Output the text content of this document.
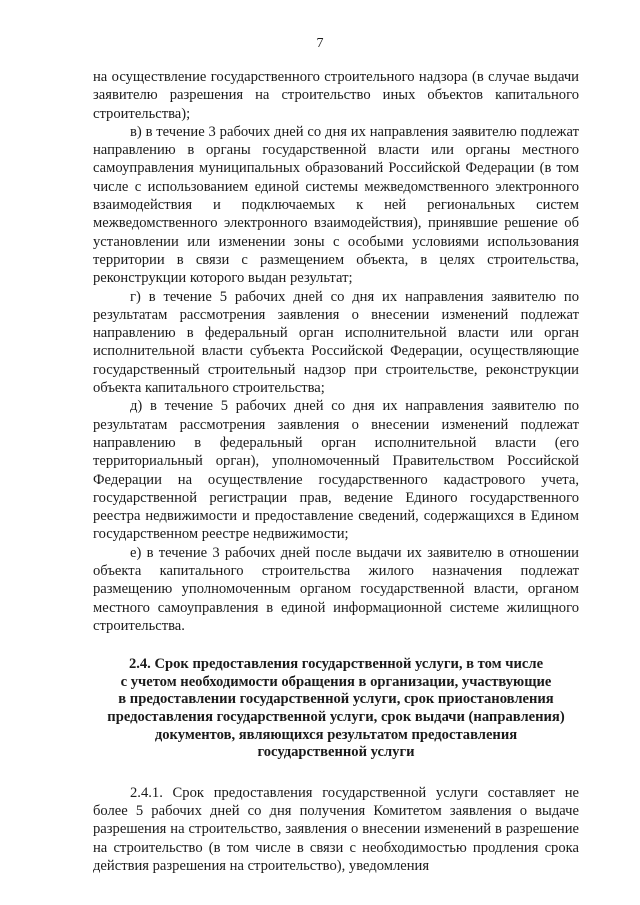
7

на осуществление государственного строительного надзора (в случае выдачи заявителю разрешения на строительство иных объектов капитального строительства);

в) в течение 3 рабочих дней со дня их направления заявителю подлежат направлению в органы государственной власти или органы местного самоуправления муниципальных образований Российской Федерации (в том числе с использованием единой системы межведомственного электронного взаимодействия и подключаемых к ней региональных систем межведомственного электронного взаимодействия), принявшие решение об установлении или изменении зоны с особыми условиями использования территории в связи с размещением объекта, в целях строительства, реконструкции которого выдан результат;

г) в течение 5 рабочих дней со дня их направления заявителю по результатам рассмотрения заявления о внесении изменений подлежат направлению в федеральный орган исполнительной власти или орган исполнительной власти субъекта Российской Федерации, осуществляющие государственный строительный надзор при строительстве, реконструкции объекта капитального строительства;

д) в течение 5 рабочих дней со дня их направления заявителю по результатам рассмотрения заявления о внесении изменений подлежат направлению в федеральный орган исполнительной власти (его территориальный орган), уполномоченный Правительством Российской Федерации на осуществление государственного кадастрового учета, государственной регистрации прав, ведение Единого государственного реестра недвижимости и предоставление сведений, содержащихся в Едином государственном реестре недвижимости;

е) в течение 3 рабочих дней после выдачи их заявителю в отношении объекта капитального строительства жилого назначения подлежат размещению уполномоченным органом государственной власти, органом местного самоуправления в единой информационной системе жилищного строительства.

2.4. Срок предоставления государственной услуги, в том числе
с учетом необходимости обращения в организации, участвующие
в предоставлении государственной услуги, срок приостановления
предоставления государственной услуги, срок выдачи (направления)
документов, являющихся результатом предоставления
государственной услуги

2.4.1. Срок предоставления государственной услуги составляет не более 5 рабочих дней со дня получения Комитетом заявления о выдаче разрешения на строительство, заявления о внесении изменений в разрешение на строительство (в том числе в связи с необходимостью продления срока действия разрешения на строительство), уведомления
